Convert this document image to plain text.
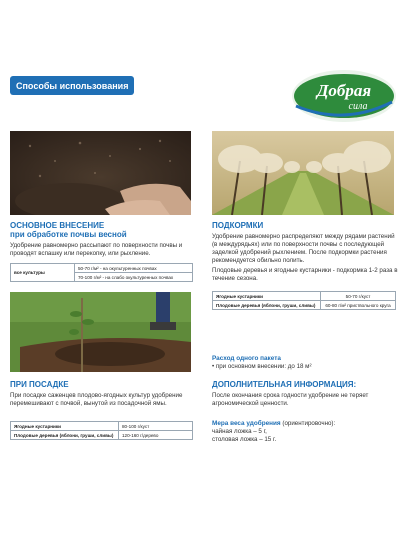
Способы использования	Добрая
сила
ОСНОВНОЕ ВНЕСЕНИЕ
при обработке почвы весной
Удобрение равномерно рассыпают по поверхности почвы и проводят вспашку или перекопку, или рыхление.
все культуры	50-70 г/м² - на окультуренных почвах
70-100 г/м² - на слабо окультуренных почвах
ПРИ ПОСАДКЕ
При посадке саженцев плодово-ягодных культур удобрение перемешивают с почвой, вынутой из посадочной ямы.
Ягодные кустарники	80-100 г/куст
Плодовые деревья (яблони, груши, сливы)	120-160 г/дерево
ПОДКОРМКИ
Удобрение равномерно распределяют между рядами растений (в междурядьях) или по поверхности почвы с последующей заделкой удобрений рыхлением. После подкормки растения рекомендуется обильно полить.
Плодовые деревья и ягодные кустарники - подкормка 1-2 раза в течение сезона.
Ягодные кустарники	50-70 г/куст
Плодовые деревья (яблони, груши, сливы)	60-80 г/м² приствольного круга
Расход одного пакета
• при основном внесении: до 18 м²
ДОПОЛНИТЕЛЬНАЯ ИНФОРМАЦИЯ:
После окончания срока годности удобрение не теряет агрономической ценности.
Мера веса удобрения (ориентировочно):
чайная ложка – 5 г,
столовая ложка – 15 г.
